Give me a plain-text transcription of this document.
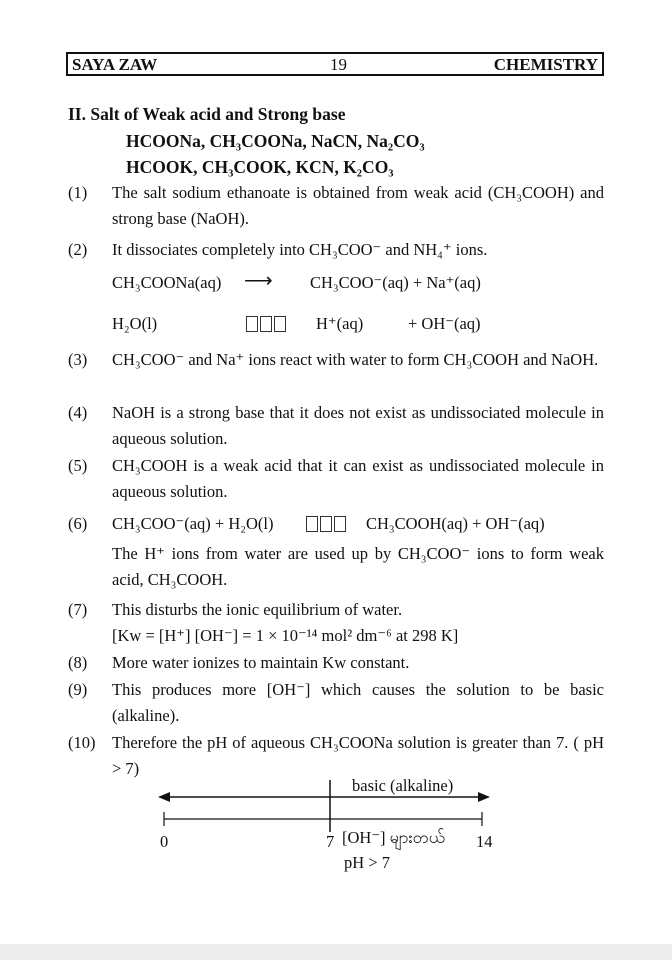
SAYA ZAW	19	CHEMISTRY
II. Salt of Weak acid and Strong base
HCOONa, CH₃COONa, NaCN, Na₂CO₃
HCOOK, CH₃COOK, KCN, K₂CO₃
(1) The salt sodium ethanoate is obtained from weak acid (CH₃COOH) and strong base (NaOH).
(2) It dissociates completely into CH₃COO⁻ and NH₄⁺ ions.
CH₃COONa(aq) ⟶ CH₃COO⁻(aq) + Na⁺(aq)
H₂O(l)	H⁺(aq)	+ OH⁻(aq)
(3) CH₃COO⁻ and Na⁺ ions react with water to form CH₃COOH and NaOH.
(4) NaOH is a strong base that it does not exist as undissociated molecule in aqueous solution.
(5) CH₃COOH is a weak acid that it can exist as undissociated molecule in aqueous solution.
(6) CH₃COO⁻(aq) + H₂O(l)	CH₃COOH(aq) + OH⁻(aq)
The H⁺ ions from water are used up by CH₃COO⁻ ions to form weak acid, CH₃COOH.
(7) This disturbs the ionic equilibrium of water.
[Kw = [H⁺] [OH⁻] = 1 × 10⁻¹⁴ mol² dm⁻⁶ at 298 K]
(8) More water ionizes to maintain Kw constant.
(9) This produces more [OH⁻] which causes the solution to be basic (alkaline).
(10) Therefore the pH of aqueous CH₃COONa solution is greater than 7. ( pH > 7)
basic (alkaline)
0	7 [OH⁻] များတယ် 14
pH > 7
